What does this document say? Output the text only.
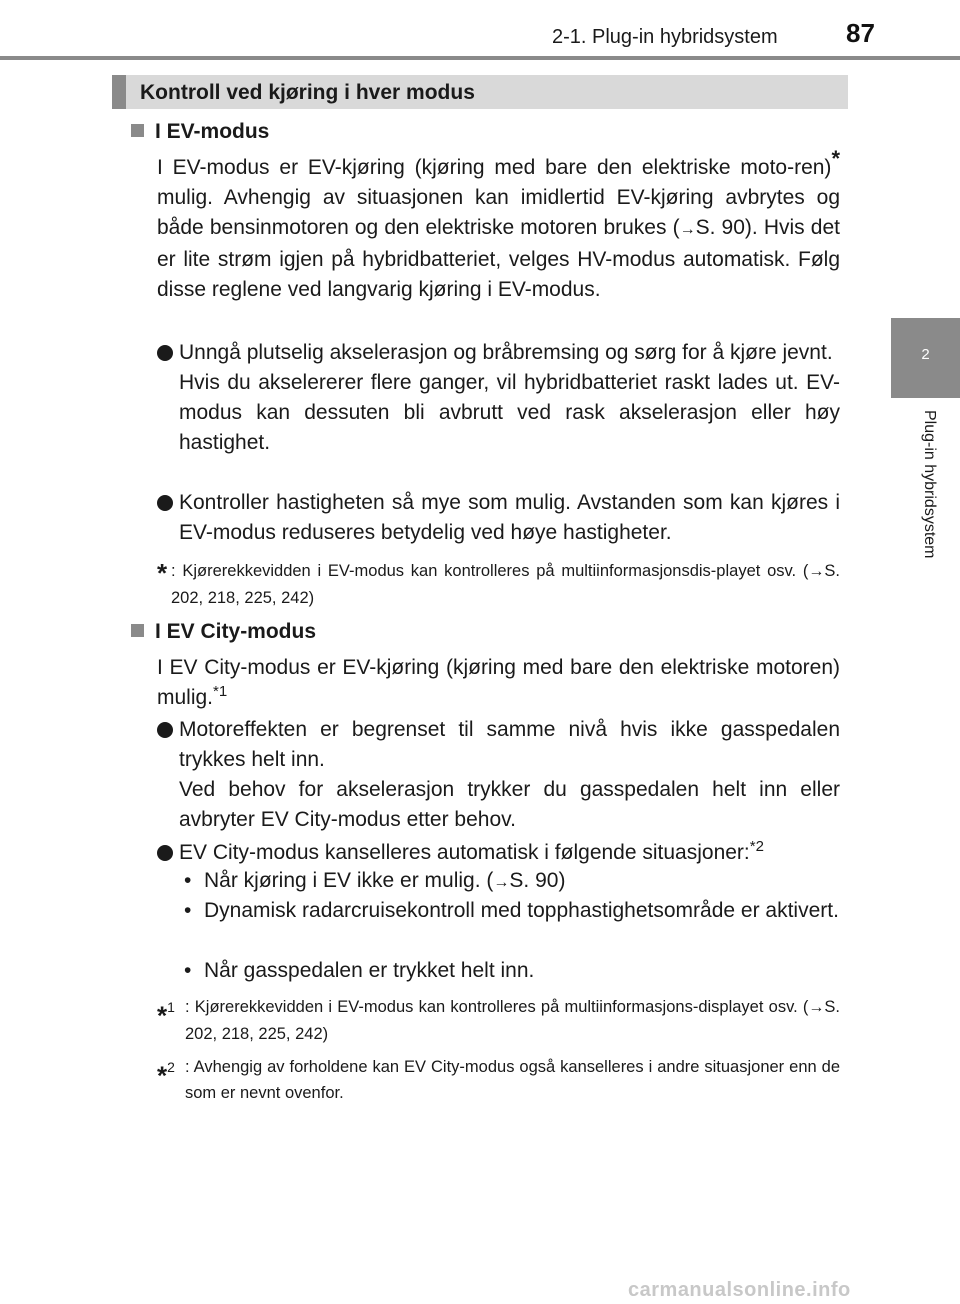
2-1. Plug-in hybridsystem	87
2
Plug-in hybridsystem
Kontroll ved kjøring i hver modus
I EV-modus

I EV-modus er EV-kjøring (kjøring med bare den elektriske moto-ren)* mulig. Avhengig av situasjonen kan imidlertid EV-kjøring avbrytes og både bensinmotoren og den elektriske motoren brukes (→S. 90). Hvis det er lite strøm igjen på hybridbatteriet, velges HV-modus automatisk. Følg disse reglene ved langvarig kjøring i EV-modus.

Unngå plutselig akselerasjon og bråbremsing og sørg for å kjøre jevnt.

Hvis du akselererer flere ganger, vil hybridbatteriet raskt lades ut. EV-modus kan dessuten bli avbrutt ved rask akselerasjon eller høy hastighet.

Kontroller hastigheten så mye som mulig. Avstanden som kan kjøres i EV-modus reduseres betydelig ved høye hastigheter.

* : Kjørerekkevidden i EV-modus kan kontrolleres på multiinformasjonsdis-playet osv. (→S. 202, 218, 225, 242)
I EV City-modus

I EV City-modus er EV-kjøring (kjøring med bare den elektriske motoren) mulig.$^{*1}$

Motoreffekten er begrenset til samme nivå hvis ikke gasspedalen trykkes helt inn.

Ved behov for akselerasjon trykker du gasspedalen helt inn eller avbryter EV City-modus etter behov.

EV City-modus kanselleres automatisk i følgende situasjoner:$^{*2}$

• Når kjøring i EV ikke er mulig. (→S. 90)
• Dynamisk radarcruisekontroll med topphastighetsområde er aktivert.
• Når gasspedalen er trykket helt inn.
*$^1$ : Kjørerekkevidden i EV-modus kan kontrolleres på multiinformasjons-displayet osv. (→S. 202, 218, 225, 242)
*$^2$ : Avhengig av forholdene kan EV City-modus også kanselleres i andre situasjoner enn de som er nevnt ovenfor.
carmanualsonline.info
